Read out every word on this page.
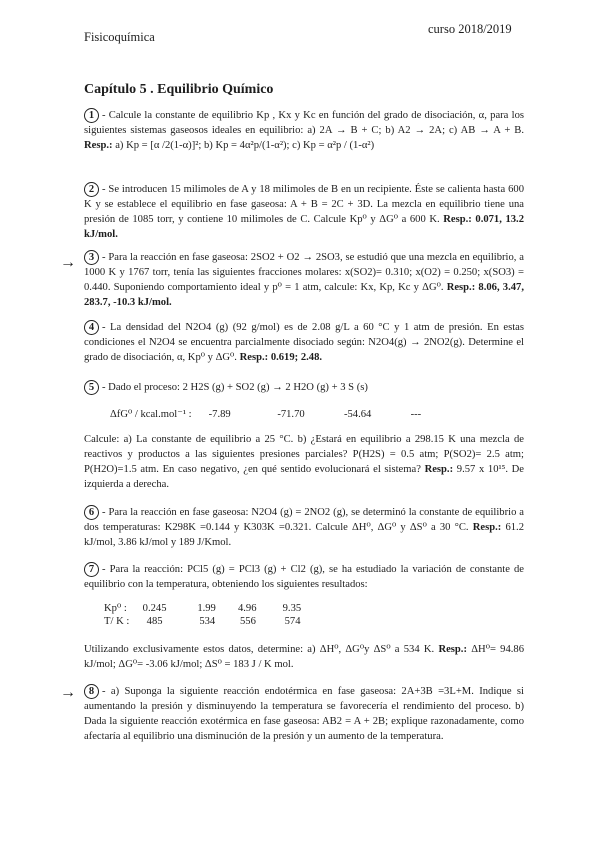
Fisicoquímica
curso 2018/2019
Capítulo 5 . Equilibrio Químico
1 - Calcule la constante de equilibrio Kp , Kx y Kc en función del grado de disociación, α, para los siguientes sistemas gaseosos ideales en equilibrio: a) 2A → B + C; b) A2 → 2A; c) AB → A + B. Resp.: a) Kp = [α /2(1-α)]²; b) Kp = 4α²p/(1-α²); c) Kp = α²p / (1-α²)
2 - Se introducen 15 milimoles de A y 18 milimoles de B en un recipiente. Éste se calienta hasta 600 K y se establece el equilibrio en fase gaseosa: A + B = 2C + 3D. La mezcla en equilibrio tiene una presión de 1085 torr, y contiene 10 milimoles de C. Calcule Kp⁰ y ΔG⁰ a 600 K. Resp.: 0.071, 13.2 kJ/mol.
→	3 - Para la reacción en fase gaseosa: 2SO2 + O2 → 2SO3, se estudió que una mezcla en equilibrio, a 1000 K y 1767 torr, tenía las siguientes fracciones molares: x(SO2)= 0.310; x(O2) = 0.250; x(SO3) = 0.440. Suponiendo comportamiento ideal y p⁰ = 1 atm, calcule: Kx, Kp, Kc y ΔG⁰. Resp.: 8.06, 3.47, 283.7, -10.3 kJ/mol.
4 - La densidad del N2O4 (g) (92 g/mol) es de 2.08 g/L a 60 °C y 1 atm de presión. En estas condiciones el N2O4 se encuentra parcialmente disociado según: N2O4(g) → 2NO2(g). Determine el grado de disociación, α, Kp⁰ y ΔG⁰. Resp.: 0.619; 2.48.
5 - Dado el proceso: 2 H2S (g) + SO2 (g) → 2 H2O (g) + 3 S (s)
ΔfG⁰ / kcal.mol⁻¹ : -7.89	-71.70	-54.64	---
Calcule: a) La constante de equilibrio a 25 °C. b) ¿Estará en equilibrio a 298.15 K una mezcla de reactivos y productos a las siguientes presiones parciales? P(H2S) = 0.5 atm; P(SO2)= 2.5 atm; P(H2O)=1.5 atm. En caso negativo, ¿en qué sentido evolucionará el sistema? Resp.: 9.57 x 10¹⁵. De izquierda a derecha.
6 - Para la reacción en fase gaseosa: N2O4 (g) = 2NO2 (g), se determinó la constante de equilibrio a dos temperaturas: K298K =0.144 y K303K =0.321. Calcule ΔH⁰, ΔG⁰ y ΔS⁰ a 30 °C. Resp.: 61.2 kJ/mol, 3.86 kJ/mol y 189 J/Kmol.
7 - Para la reacción: PCl5 (g) = PCl3 (g) + Cl2 (g), se ha estudiado la variación de constante de equilibrio con la temperatura, obteniendo los siguientes resultados:
Kp⁰ : 0.245	1.99 4.96 9.35
T/ K : 485	534 556	574
Utilizando exclusivamente estos datos, determine: a) ΔH⁰, ΔG⁰y ΔS⁰ a 534 K. Resp.: ΔH⁰= 94.86 kJ/mol; ΔG⁰= -3.06 kJ/mol; ΔS⁰ = 183 J / K mol.
→	8 - a) Suponga la siguiente reacción endotérmica en fase gaseosa: 2A+3B =3L+M. Indique si aumentando la presión y disminuyendo la temperatura se favorecería el rendimiento del proceso. b) Dada la siguiente reacción exotérmica en fase gaseosa: AB2 = A + 2B; explique razonadamente, como afectaría al equilibrio una disminución de la presión y un aumento de la temperatura.
